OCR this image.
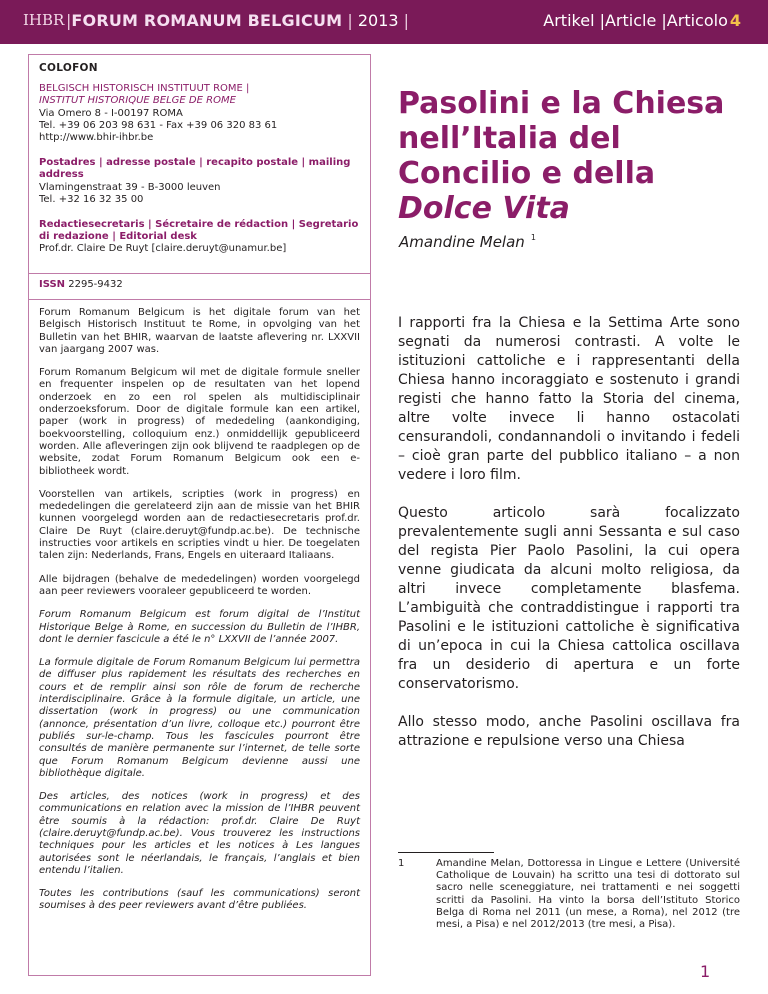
IHBR |FORUM ROMANUM BELGICUM | 2013 |	Artikel |Article |Articolo 4
COLOFON
BELGISCH HISTORISCH INSTITUUT ROME |
INSTITUT HISTORIQUE BELGE DE ROME
Via Omero 8 - I-00197 ROMA
Tel. +39 06 203 98 631 - Fax +39 06 320 83 61
http://www.bhir-ihbr.be
Postadres | adresse postale | recapito postale | mailing address
Vlamingenstraat 39 - B-3000 leuven
Tel. +32 16 32 35 00
Redactiesecretaris | Sécretaire de rédaction | Segretario di redazione | Editorial desk
Prof.dr. Claire De Ruyt [claire.deruyt@unamur.be]
ISSN 2295-9432

Forum Romanum Belgicum is het digitale forum van het Belgisch Historisch Instituut te Rome, in opvolging van het Bulletin van het BHIR, waarvan de laatste aflevering nr. LXXVII van jaargang 2007 was.

Forum Romanum Belgicum wil met de digitale formule sneller en frequenter inspelen op de resultaten van het lopend onderzoek en zo een rol spelen als multidisciplinair onderzoeksforum. Door de digitale formule kan een artikel, paper (work in progress) of mededeling (aankondiging, boekvoorstelling, colloquium enz.) onmiddellijk gepubliceerd worden. Alle afleveringen zijn ook blijvend te raadplegen op de website, zodat Forum Romanum Belgicum ook een e-bibliotheek wordt.

Voorstellen van artikels, scripties (work in progress) en mededelingen die gerelateerd zijn aan de missie van het BHIR kunnen voorgelegd worden aan de redactiesecretaris prof.dr. Claire De Ruyt (claire.deruyt@fundp.ac.be). De technische instructies voor artikels en scripties vindt u hier. De toegelaten talen zijn: Nederlands, Frans, Engels en uiteraard Italiaans.

Alle bijdragen (behalve de mededelingen) worden voorgelegd aan peer reviewers vooraleer gepubliceerd te worden.

Forum Romanum Belgicum est forum digital de l’Institut Historique Belge à Rome, en succession du Bulletin de l’IHBR, dont le dernier fascicule a été le n° LXXVII de l’année 2007.

La formule digitale de Forum Romanum Belgicum lui permettra de diffuser plus rapidement les résultats des recherches en cours et de remplir ainsi son rôle de forum de recherche interdisciplinaire. Grâce à la formule digitale, un article, une dissertation (work in progress) ou une communication (annonce, présentation d’un livre, colloque etc.) pourront être publiés sur-le-champ. Tous les fascicules pourront être consultés de manière permanente sur l’internet, de telle sorte que Forum Romanum Belgicum devienne aussi une bibliothèque digitale.

Des articles, des notices (work in progress) et des communications en relation avec la mission de l’IHBR peuvent être soumis à la rédaction: prof.dr. Claire De Ruyt (claire.deruyt@fundp.ac.be). Vous trouverez les instructions techniques pour les articles et les notices à Les langues autorisées sont le néerlandais, le français, l’anglais et bien entendu l’italien.

Toutes les contributions (sauf les communications) seront soumises à des peer reviewers avant d’être publiées.

Pasolini e la Chiesa nell’Italia del Concilio e della Dolce Vita
Amandine Melan $^1$

I rapporti fra la Chiesa e la Settima Arte sono segnati da numerosi contrasti. A volte le istituzioni cattoliche e i rappresentanti della Chiesa hanno incoraggiato e sostenuto i grandi registi che hanno fatto la Storia del cinema, altre volte invece li hanno ostacolati censurandoli, condannandoli o invitando i fedeli – cioè gran parte del pubblico italiano – a non vedere i loro film.

Questo articolo sarà focalizzato prevalentemente sugli anni Sessanta e sul caso del regista Pier Paolo Pasolini, la cui opera venne giudicata da alcuni molto religiosa, da altri invece completamente blasfema. L’ambiguità che contraddistingue i rapporti tra Pasolini e le istituzioni cattoliche è significativa di un’epoca in cui la Chiesa cattolica oscillava fra un desiderio di apertura e un forte conservatorismo.

Allo stesso modo, anche Pasolini oscillava fra attrazione e repulsione verso una Chiesa

1	Amandine Melan, Dottoressa in Lingue e Lettere (Université Catholique de Louvain) ha scritto una tesi di dottorato sul sacro nelle sceneggiature, nei trattamenti e nei soggetti scritti da Pasolini. Ha vinto la borsa dell’Istituto Storico Belga di Roma nel 2011 (un mese, a Roma), nel 2012 (tre mesi, a Pisa) e nel 2012/2013 (tre mesi, a Pisa).
1
